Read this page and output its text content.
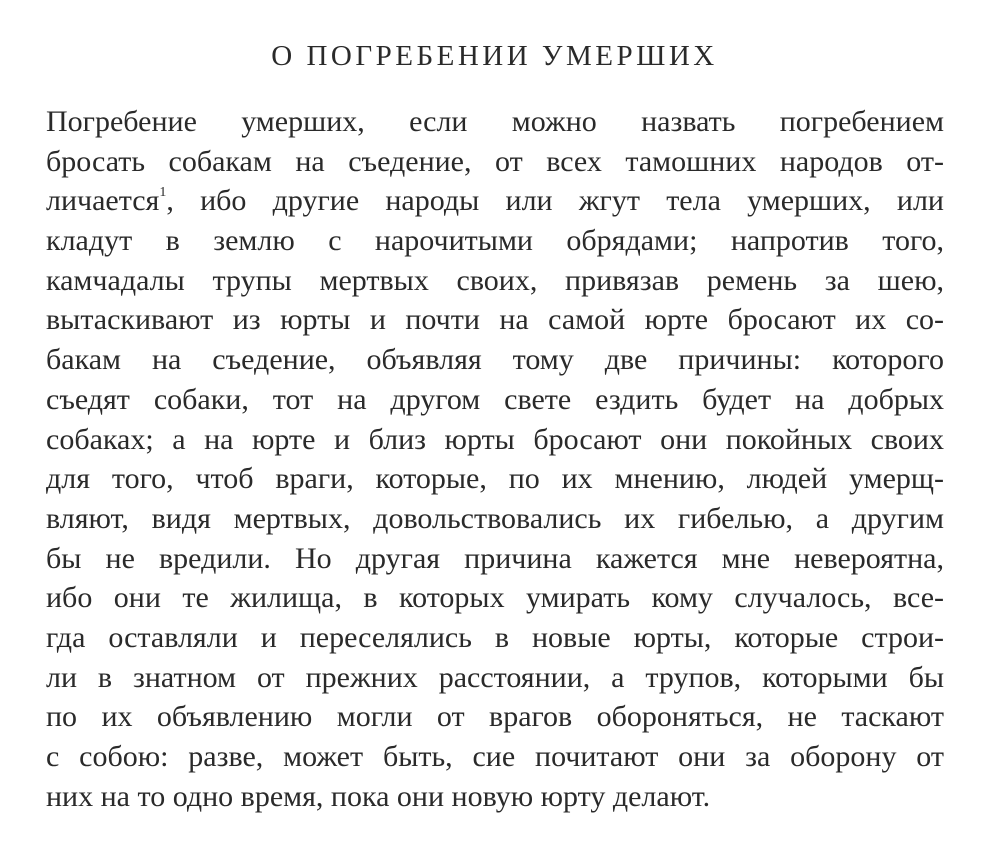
О ПОГРЕБЕНИИ УМЕРШИХ
Погребение умерших, если можно назвать погребением
бросать собакам на съедение, от всех тамошних народов от-
личается$^1$, ибо другие народы или жгут тела умерших, или
кладут в землю с нарочитыми обрядами; напротив того,
камчадалы трупы мертвых своих, привязав ремень за шею,
вытаскивают из юрты и почти на самой юрте бросают их со-
бакам на съедение, объявляя тому две причины: которого
съедят собаки, тот на другом свете ездить будет на добрых
собаках; а на юрте и близ юрты бросают они покойных своих
для того, чтоб враги, которые, по их мнению, людей умерщ-
вляют, видя мертвых, довольствовались их гибелью, а другим
бы не вредили. Но другая причина кажется мне невероятна,
ибо они те жилища, в которых умирать кому случалось, все-
гда оставляли и переселялись в новые юрты, которые строи-
ли в знатном от прежних расстоянии, а трупов, которыми бы
по их объявлению могли от врагов обороняться, не таскают
с собою: разве, может быть, сие почитают они за оборону от
них на то одно время, пока они новую юрту делают.
